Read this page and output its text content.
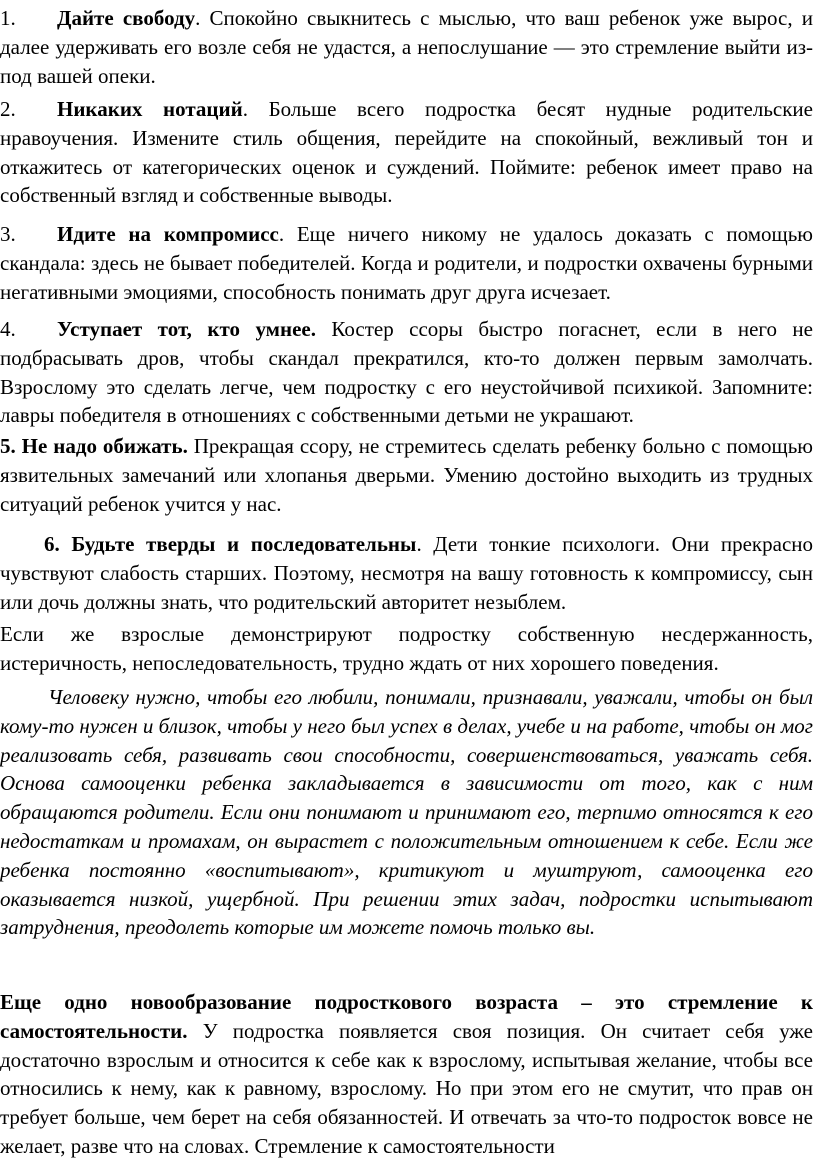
1. Дайте свободу. Спокойно свыкнитесь с мыслью, что ваш ребенок уже вырос, и далее удерживать его возле себя не удастся, а непослушание — это стремление выйти из-под вашей опеки.

2. Никаких нотаций. Больше всего подростка бесят нудные родительские нравоучения. Измените стиль общения, перейдите на спокойный, вежливый тон и откажитесь от категорических оценок и суждений. Поймите: ребенок имеет право на собственный взгляд и собственные выводы.

3. Идите на компромисс. Еще ничего никому не удалось доказать с помощью скандала: здесь не бывает победителей. Когда и родители, и подростки охвачены бурными негативными эмоциями, способность понимать друг друга исчезает.

4. Уступает тот, кто умнее. Костер ссоры быстро погаснет, если в него не подбрасывать дров, чтобы скандал прекратился, кто-то должен первым замолчать. Взрослому это сделать легче, чем подростку с его неустойчивой психикой. Запомните: лавры победителя в отношениях с собственными детьми не украшают.

5. Не надо обижать. Прекращая ссору, не стремитесь сделать ребенку больно с помощью язвительных замечаний или хлопанья дверьми. Умению достойно выходить из трудных ситуаций ребенок учится у нас.

6. Будьте тверды и последовательны. Дети тонкие психологи. Они прекрасно чувствуют слабость старших. Поэтому, несмотря на вашу готовность к компромиссу, сын или дочь должны знать, что родительский авторитет незыблем.

Если же взрослые демонстрируют подростку собственную несдержанность, истеричность, непоследовательность, трудно ждать от них хорошего поведения.

Человеку нужно, чтобы его любили, понимали, признавали, уважали, чтобы он был кому-то нужен и близок, чтобы у него был успех в делах, учебе и на работе, чтобы он мог реализовать себя, развивать свои способности, совершенствоваться, уважать себя. Основа самооценки ребенка закладывается в зависимости от того, как с ним обращаются родители. Если они понимают и принимают его, терпимо относятся к его недостаткам и промахам, он вырастет с положительным отношением к себе. Если же ребенка постоянно «воспитывают», критикуют и муштруют, самооценка его оказывается низкой, ущербной. При решении этих задач, подростки испытывают затруднения, преодолеть которые им можете помочь только вы.

Еще одно новообразование подросткового возраста – это стремление к самостоятельности. У подростка появляется своя позиция. Он считает себя уже достаточно взрослым и относится к себе как к взрослому, испытывая желание, чтобы все относились к нему, как к равному, взрослому. Но при этом его не смутит, что прав он требует больше, чем берет на себя обязанностей. И отвечать за что-то подросток вовсе не желает, разве что на словах. Стремление к самостоятельности
